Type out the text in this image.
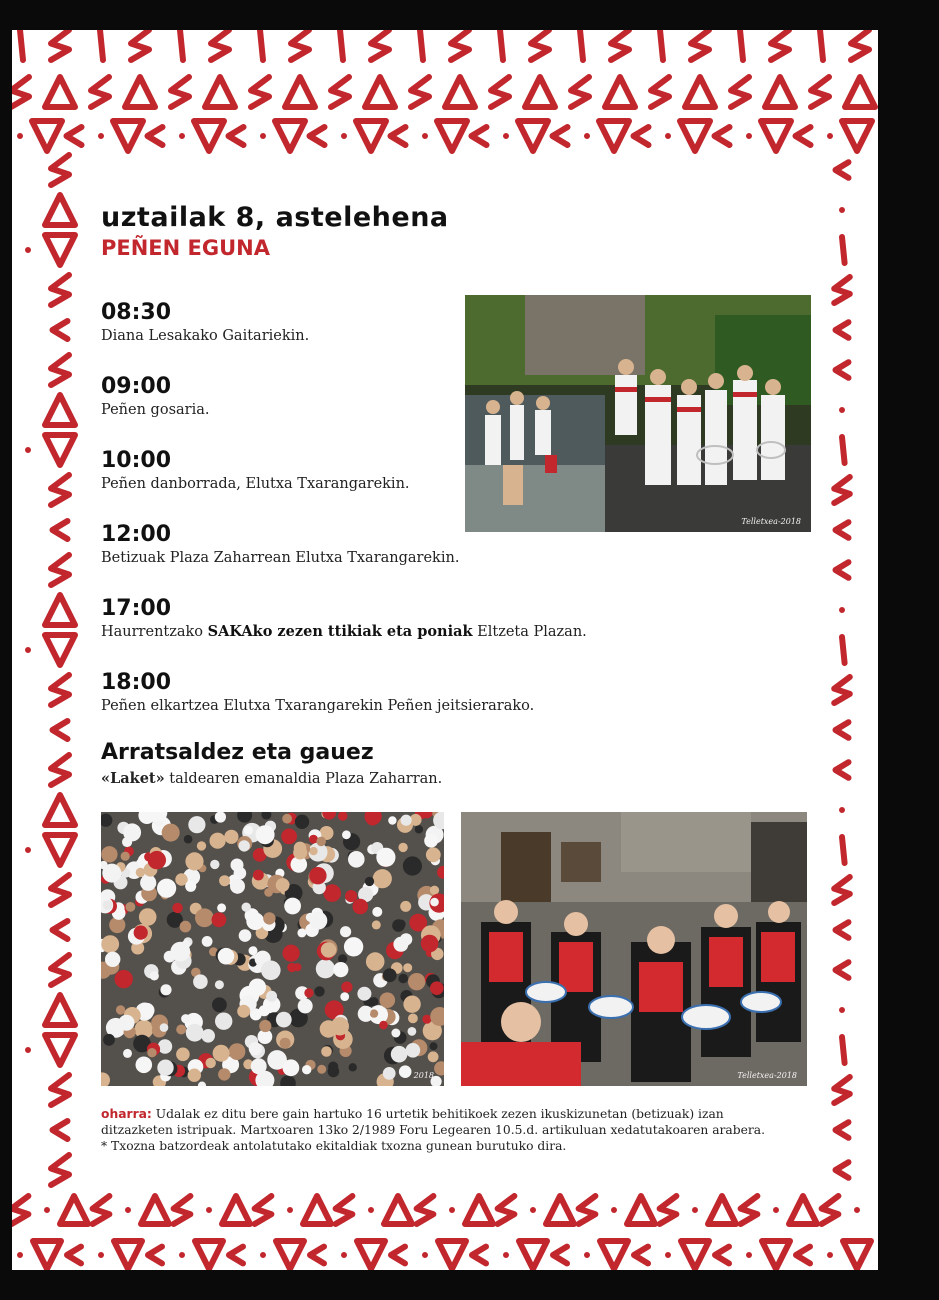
uztailak 8, astelehena
PEÑEN EGUNA
08:30
Diana Lesakako Gaitariekin.
09:00
Peñen gosaria.
10:00
Peñen danborrada, Elutxa Txarangarekin.
12:00
Betizuak Plaza Zaharrean Elutxa Txarangarekin.
17:00
Haurrentzako SAKAko zezen ttikiak eta poniak Eltzeta Plazan.
18:00
Peñen elkartzea Elutxa Txarangarekin Peñen jeitsierarako.
Arratsaldez eta gauez
«Laket» taldearen emanaldia Plaza Zaharran.
Telletxea-2018
2018	Telletxea-2018
oharra: Udalak ez ditu bere gain hartuko 16 urtetik behitikoek zezen ikuskizunetan (betizuak) izan ditzazketen istripuak. Martxoaren 13ko 2/1989 Foru Legearen 10.5.d. artikuluan xedatutakoaren arabera.
* Txozna batzordeak antolatutako ekitaldiak txozna gunean burutuko dira.
